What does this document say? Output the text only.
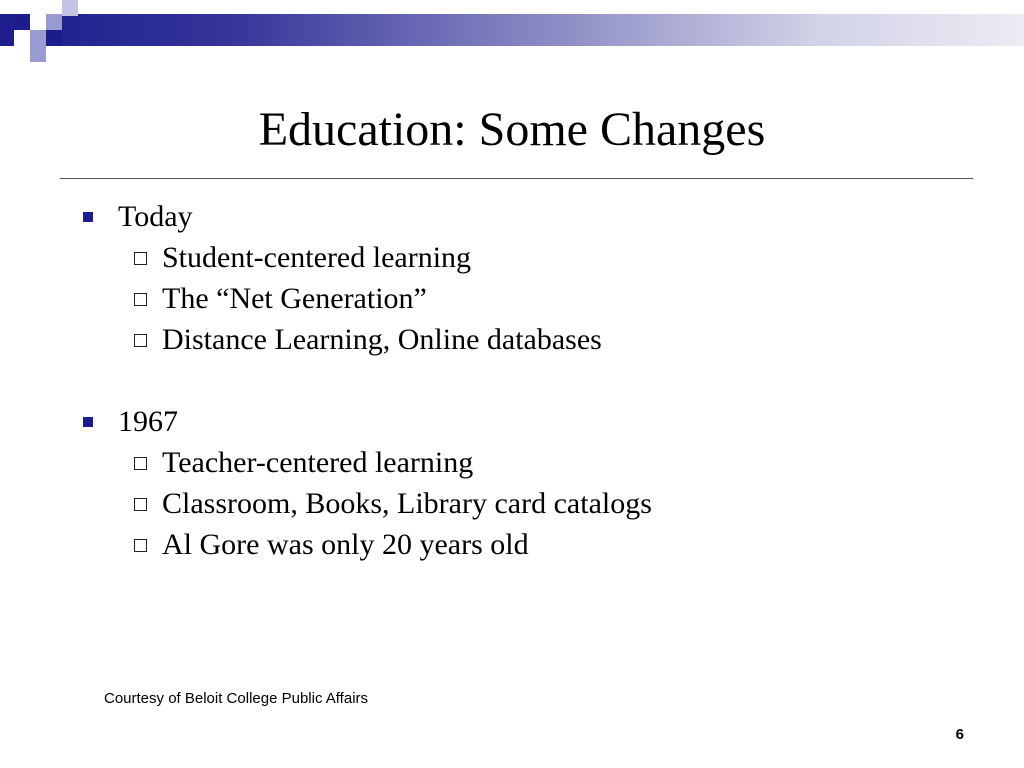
Education: Some Changes
Today
Student-centered learning
The “Net Generation”
Distance Learning, Online databases
1967
Teacher-centered learning
Classroom, Books, Library card catalogs
Al Gore was only 20 years old
Courtesy of Beloit College Public Affairs
6
